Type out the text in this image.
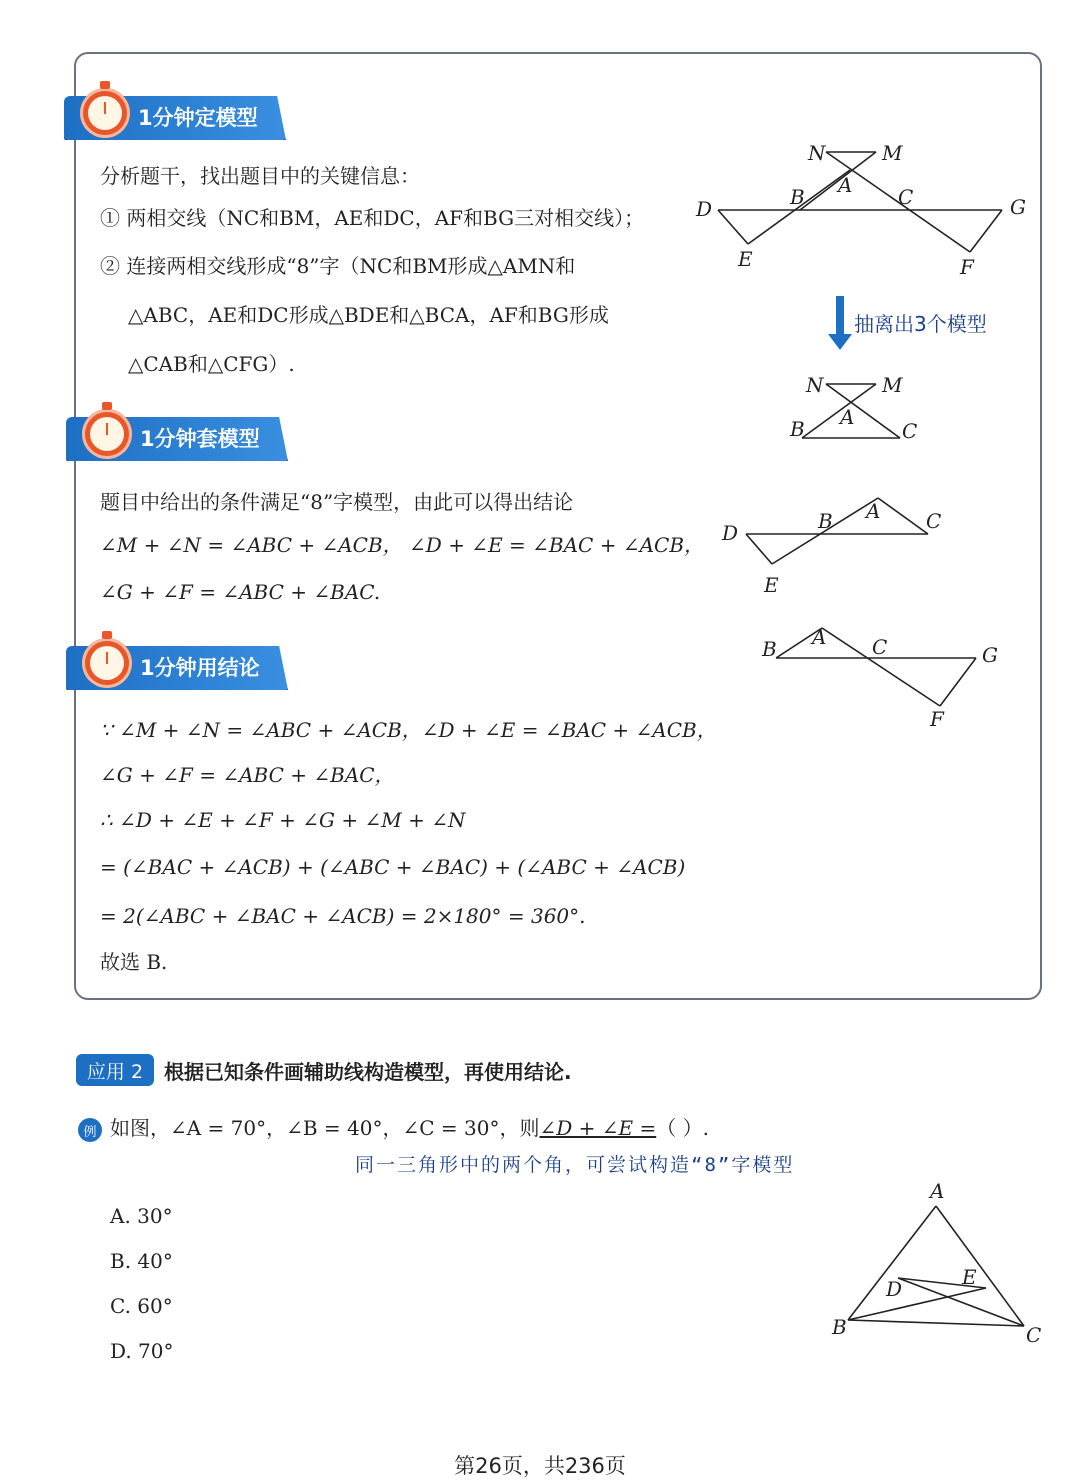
1分钟定模型
分析题干，找出题目中的关键信息：
① 两相交线（NC和BM，AE和DC，AF和BG三对相交线）；
② 连接两相交线形成“8”字（NC和BM形成△AMN和
△ABC，AE和DC形成△BDE和△BCA，AF和BG形成
△CAB和△CFG）.
1分钟套模型
题目中给出的条件满足“8”字模型，由此可以得出结论
∠M + ∠N = ∠ABC + ∠ACB， ∠D + ∠E = ∠BAC + ∠ACB，
∠G + ∠F = ∠ABC + ∠BAC.
1分钟用结论
∵ ∠M + ∠N = ∠ABC + ∠ACB，∠D + ∠E = ∠BAC + ∠ACB，
∠G + ∠F = ∠ABC + ∠BAC，
∴ ∠D + ∠E + ∠F + ∠G + ∠M + ∠N
= (∠BAC + ∠ACB) + (∠ABC + ∠BAC) + (∠ABC + ∠ACB)
= 2(∠ABC + ∠BAC + ∠ACB) = 2×180° = 360°.
故选 B.
N	M
A
B	C
D	G
E	F
N	M
A
B	C
D	B A C
E
B A C	G
F
抽离出3个模型
应用 2	根据已知条件画辅助线构造模型，再使用结论.
例 如图，∠A = 70°，∠B = 40°，∠C = 30°，则∠D + ∠E =（ ）.
同一三角形中的两个角，可尝试构造“8”字模型
A. 30°
B. 40°
C. 60°
D. 70°
A
B	C
D	E
第26页，共236页
